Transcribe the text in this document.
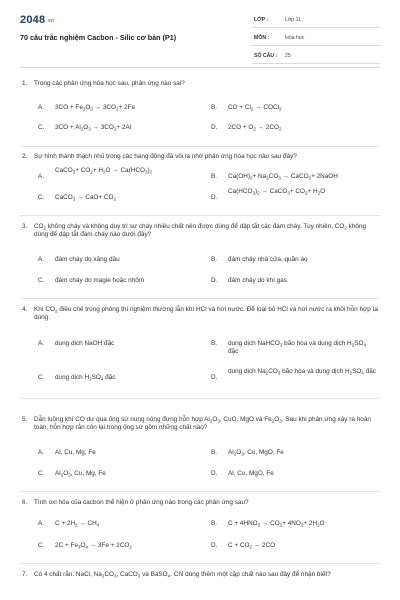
2048.vn
70 câu trắc nghiệm Cacbon - Silic cơ bản (P1)
LỚP :	Lớp 11
MÔN :	Hóa học
SỐ CÂU : 25
1. Trong các phản ứng hóa học sau, phản ứng nào sai?
2. Sự hình thành thạch nhũ trong các hang động đá vôi là nhờ phản ứng hóa học nào sau đây?
3. $CO_2$ không cháy và không duy trì sự cháy nhiều chất nên được dùng để dập tắt các đám cháy. Tuy nhiên, $CO_2$ không dùng để dập tắt đám cháy nào dưới đây?
4. Khí $CO_2$ điều chế trong phòng thí nghiệm thường lẫn khí HCl và hơi nước. Để loại bỏ HCl và hơi nước ra khỏi hỗn hợp ta dùng:
5. Dẫn luồng khí CO dư qua ống sứ nung nóng đựng hỗn hợp $Al_2O_3$, CuO, MgO và $Fe_2O_3$. Sau khi phản ứng xảy ra hoàn toàn, hỗn hợp rắn còn lại trong ống sứ gồm những chất nào?
6. Tính oxi hóa của cacbon thể hiện ở phản ứng nào trong các phản ứng sau?
7. Có 4 chất rắn: NaCl, $Na_2CO_3$, CaCO$_3$ và BaSO$_4$. Chỉ dùng thêm một cặp chất nào sau đây để nhận biết?
A. $3CO + Fe_2O_3 \to 3CO_2+ 2Fe$	B. CO + $Cl_2$ → COCl$_2$
C. $3CO + Al_2O_3 \to 3CO_2+ 2Al$	D. $2CO + O_2 \to 2CO_2$
A.
CaCO$_3$+ $CO_2+ H_2O \to Ca(HCO_3)_2$
B. $Ca(OH)_2+ Na_2CO_3$ → CaCO$_3$+ 2NaOH
C. CaCO$_3$ → $CaO+ CO_2$	D.
$Ca(HCO_3)_2$ → CaCO$_3$+ $CO_2+ H_2O$
A. đám cháy do xăng dầu	B. đám cháy nhà cửa, quần áo
C. đám cháy do magie hoặc nhôm	D. đám cháy do khí gas
A. dung dịch NaOH đặc	B. dung dịch NaHCO$_3$ bão hòa và dung dịch $H_2SO_4$ đặc
C. dung dịch $H_2SO_4$ đặc	D.
dung dịch $Na_2CO_3$ bão hòa và dung dịch $H_2SO_4$ đặc
A. Al, Cu, Mg, Fe	B. $Al_2O_3$, Cu, MgO, Fe
C. $Al_2O_3$, Cu, Mg, Fe	D. Al, Cu, MgO, Fe
A. $C + 2H_2 \to CH_4$	B. $C + 4HNO_3 \to CO_2+ 4NO_2+ 2H_2O$
C. $2C + Fe_3O_4 \to 3Fe + 2CO_2$	D. $C + CO_2 \to 2CO$
